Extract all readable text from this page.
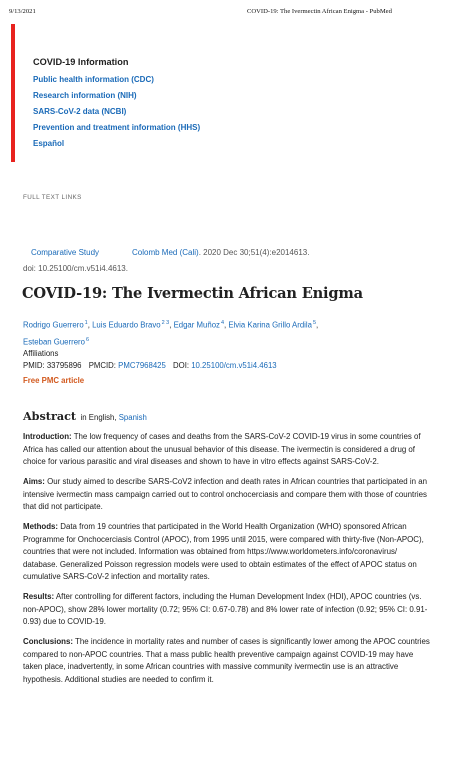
9/13/2021	COVID-19: The Ivermectin African Enigma - PubMed
COVID-19 Information
Public health information (CDC)
Research information (NIH)
SARS-CoV-2 data (NCBI)
Prevention and treatment information (HHS)
Español
FULL TEXT LINKS
Comparative Study	Colomb Med (Cali). 2020 Dec 30;51(4):e2014613.
doi: 10.25100/cm.v51i4.4613.
COVID-19: The Ivermectin African Enigma
Rodrigo Guerrero$^1$, Luis Eduardo Bravo$^{2 3}$, Edgar Muñoz$^4$, Elvia Karina Grillo Ardila$^5$,
Esteban Guerrero$^6$
Affiliations
PMID: 33795896 PMCID: PMC7968425 DOI: 10.25100/cm.v51i4.4613
Free PMC article
Abstract in English, Spanish

Introduction: The low frequency of cases and deaths from the SARS-CoV-2 COVID-19 virus in some countries of Africa has called our attention about the unusual behavior of this disease. The ivermectin is considered a drug of choice for various parasitic and viral diseases and shown to have in vitro effects against SARS-CoV-2.

Aims: Our study aimed to describe SARS-CoV2 infection and death rates in African countries that participated in an intensive ivermectin mass campaign carried out to control onchocerciasis and compare them with those of countries that did not participate.

Methods: Data from 19 countries that participated in the World Health Organization (WHO) sponsored African Programme for Onchocerciasis Control (APOC), from 1995 until 2015, were compared with thirty-five (Non-APOC), countries that were not included. Information was obtained from https://www.worldometers.info/coronavirus/ database. Generalized Poisson regression models were used to obtain estimates of the effect of APOC status on cumulative SARS-CoV-2 infection and mortality rates.

Results: After controlling for different factors, including the Human Development Index (HDI), APOC countries (vs. non-APOC), show 28% lower mortality (0.72; 95% CI: 0.67-0.78) and 8% lower rate of infection (0.92; 95% CI: 0.91-0.93) due to COVID-19.

Conclusions: The incidence in mortality rates and number of cases is significantly lower among the APOC countries compared to non-APOC countries. That a mass public health preventive campaign against COVID-19 may have taken place, inadvertently, in some African countries with massive community ivermectin use is an attractive hypothesis. Additional studies are needed to confirm it.
